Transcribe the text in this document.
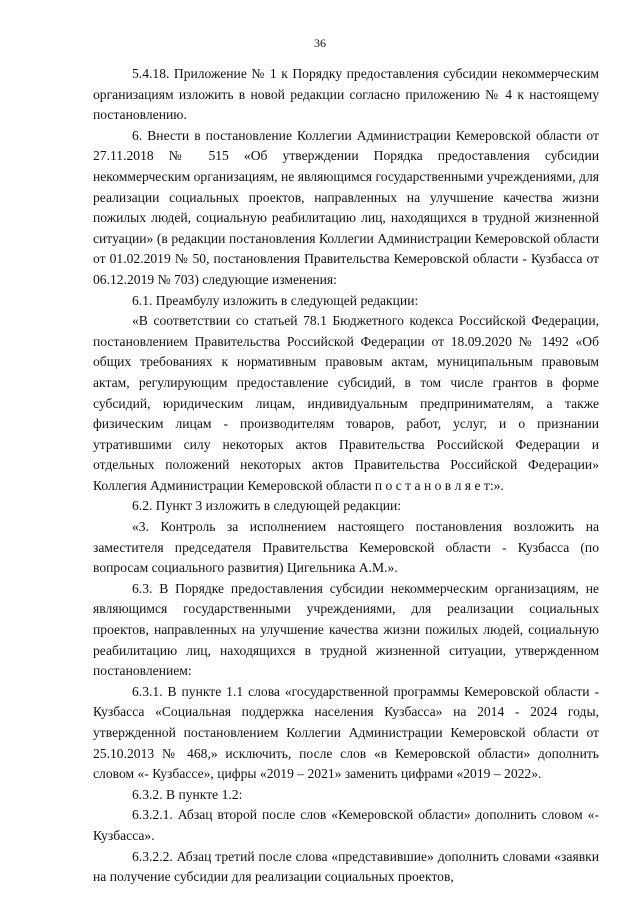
36

5.4.18. Приложение № 1 к Порядку предоставления субсидии некоммерческим организациям изложить в новой редакции согласно приложению № 4 к настоящему постановлению.

6. Внести в постановление Коллегии Администрации Кемеровской области от 27.11.2018 № 515 «Об утверждении Порядка предоставления субсидии некоммерческим организациям, не являющимся государственными учреждениями, для реализации социальных проектов, направленных на улучшение качества жизни пожилых людей, социальную реабилитацию лиц, находящихся в трудной жизненной ситуации» (в редакции постановления Коллегии Администрации Кемеровской области от 01.02.2019 № 50, постановления Правительства Кемеровской области - Кузбасса от 06.12.2019 № 703) следующие изменения:

6.1. Преамбулу изложить в следующей редакции:

«В соответствии со статьей 78.1 Бюджетного кодекса Российской Федерации, постановлением Правительства Российской Федерации от 18.09.2020 № 1492 «Об общих требованиях к нормативным правовым актам, муниципальным правовым актам, регулирующим предоставление субсидий, в том числе грантов в форме субсидий, юридическим лицам, индивидуальным предпринимателям, а также физическим лицам - производителям товаров, работ, услуг, и о признании утратившими силу некоторых актов Правительства Российской Федерации и отдельных положений некоторых актов Правительства Российской Федерации» Коллегия Администрации Кемеровской области п о с т а н о в л я е т:».

6.2. Пункт 3 изложить в следующей редакции:

«3. Контроль за исполнением настоящего постановления возложить на заместителя председателя Правительства Кемеровской области - Кузбасса (по вопросам социального развития) Цигельника А.М.».

6.3. В Порядке предоставления субсидии некоммерческим организациям, не являющимся государственными учреждениями, для реализации социальных проектов, направленных на улучшение качества жизни пожилых людей, социальную реабилитацию лиц, находящихся в трудной жизненной ситуации, утвержденном постановлением:

6.3.1. В пункте 1.1 слова «государственной программы Кемеровской области - Кузбасса «Социальная поддержка населения Кузбасса» на 2014 - 2024 годы, утвержденной постановлением Коллегии Администрации Кемеровской области от 25.10.2013 № 468,» исключить, после слов «в Кемеровской области» дополнить словом «- Кузбассе», цифры «2019 – 2021» заменить цифрами «2019 – 2022».

6.3.2. В пункте 1.2:

6.3.2.1. Абзац второй после слов «Кемеровской области» дополнить словом «- Кузбасса».

6.3.2.2. Абзац третий после слова «представившие» дополнить словами «заявки на получение субсидии для реализации социальных проектов,
